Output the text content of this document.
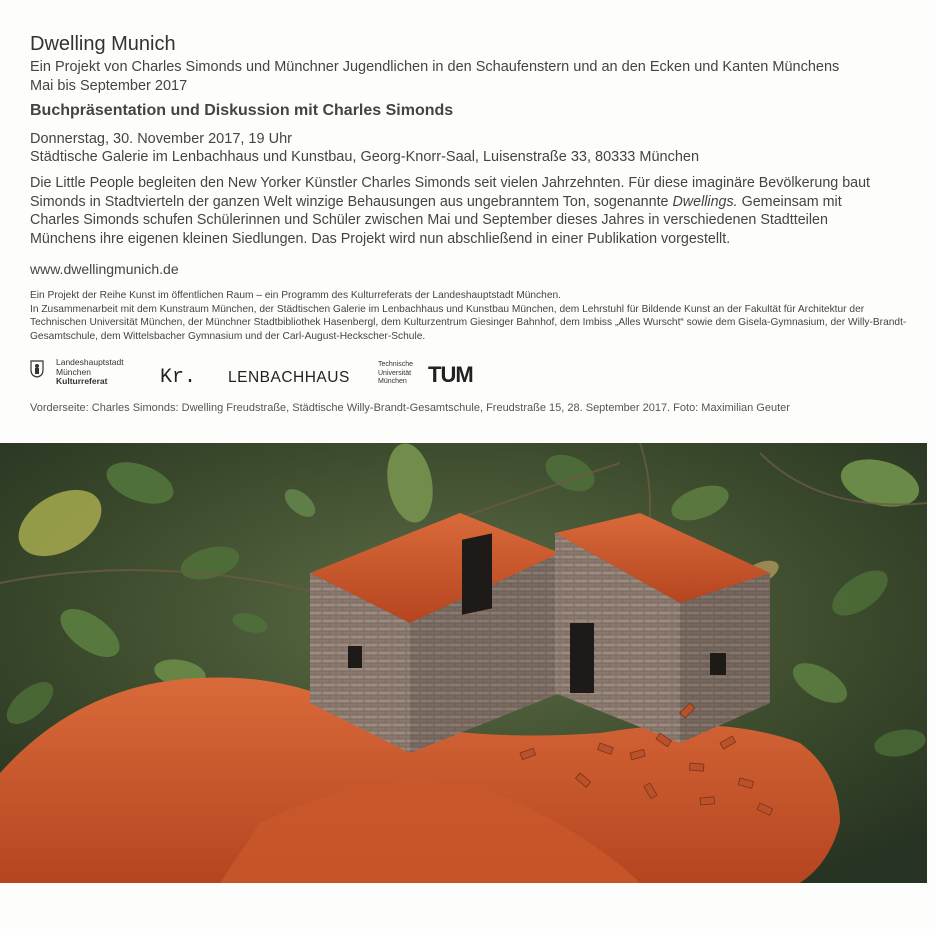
Dwelling Munich
Ein Projekt von Charles Simonds und Münchner Jugendlichen in den Schaufenstern und an den Ecken und Kanten Münchens
Mai bis September 2017
Buchpräsentation und Diskussion mit Charles Simonds
Donnerstag, 30. November 2017, 19 Uhr
Städtische Galerie im Lenbachhaus und Kunstbau, Georg-Knorr-Saal, Luisenstraße 33, 80333 München
Die Little People begleiten den New Yorker Künstler Charles Simonds seit vielen Jahrzehnten. Für diese imaginäre Bevölkerung baut Simonds in Stadtvierteln der ganzen Welt winzige Behausungen aus ungebranntem Ton, sogenannte Dwellings. Gemeinsam mit Charles Simonds schufen Schülerinnen und Schüler zwischen Mai und September dieses Jahres in verschiedenen Stadtteilen Münchens ihre eigenen kleinen Siedlungen. Das Projekt wird nun abschließend in einer Publikation vorgestellt.
www.dwellingmunich.de
Ein Projekt der Reihe Kunst im öffentlichen Raum – ein Programm des Kulturreferats der Landeshauptstadt München.
In Zusammenarbeit mit dem Kunstraum München, der Städtischen Galerie im Lenbachhaus und Kunstbau München, dem Lehrstuhl für Bildende Kunst an der Fakultät für Architektur der Technischen Universität München, der Münchner Stadtbibliothek Hasenbergl, dem Kulturzentrum Giesinger Bahnhof, dem Imbiss „Alles Wurscht“ sowie dem Gisela-Gymnasium, der Willy-Brandt-Gesamtschule, dem Wittelsbacher Gymnasium und der Carl-August-Heckscher-Schule.
Landeshauptstadt
München
Kulturreferat	Kr. LENBACHHAUS
Technische
Universität
München TUM
Vorderseite: Charles Simonds: Dwelling Freudstraße, Städtische Willy-Brandt-Gesamtschule, Freudstraße 15, 28. September 2017. Foto: Maximilian Geuter
